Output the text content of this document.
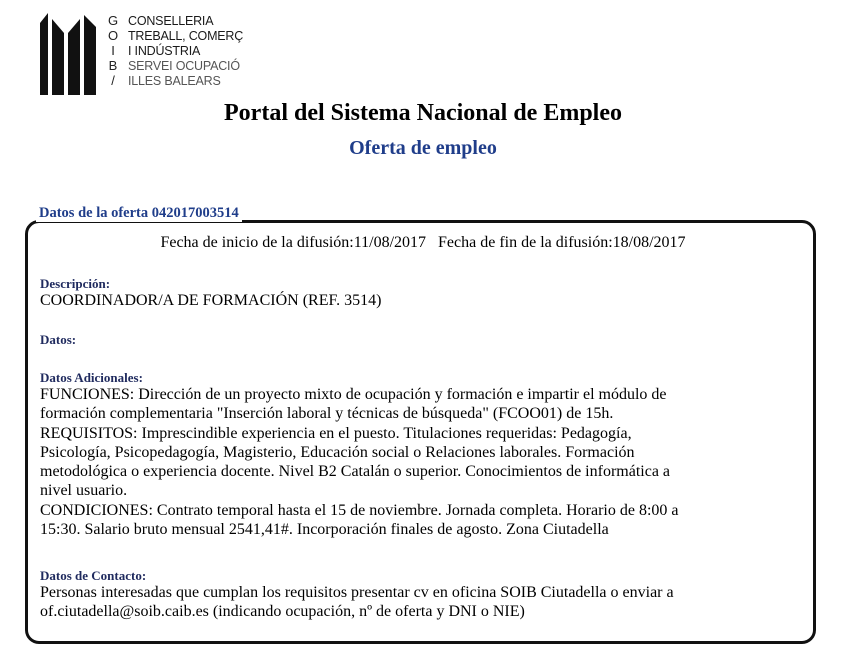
G
O
I
B
/
CONSELLERIA
TREBALL, COMERÇ
I INDÚSTRIA
SERVEI OCUPACIÓ
ILLES BALEARS
Portal del Sistema Nacional de Empleo
Oferta de empleo
Datos de la oferta 042017003514
Fecha de inicio de la difusión:11/08/2017   Fecha de fin de la difusión:18/08/2017
Descripción:
COORDINADOR/A DE FORMACIÓN (REF. 3514)
Datos:
Datos Adicionales:

FUNCIONES: Dirección de un proyecto mixto de ocupación y formación e impartir el módulo de

formación complementaria "Inserción laboral y técnicas de búsqueda" (FCOO01) de 15h.

REQUISITOS: Imprescindible experiencia en el puesto. Titulaciones requeridas: Pedagogía,

Psicología, Psicopedagogía, Magisterio, Educación social o Relaciones laborales. Formación

metodológica o experiencia docente. Nivel B2 Catalán o superior. Conocimientos de informática a

nivel usuario.

CONDICIONES: Contrato temporal hasta el 15 de noviembre. Jornada completa. Horario de 8:00 a

15:30. Salario bruto mensual 2541,41#. Incorporación finales de agosto. Zona Ciutadella

Datos de Contacto:

Personas interesadas que cumplan los requisitos presentar cv en oficina SOIB Ciutadella o enviar a

of.ciutadella@soib.caib.es (indicando ocupación, nº de oferta y DNI o NIE)
